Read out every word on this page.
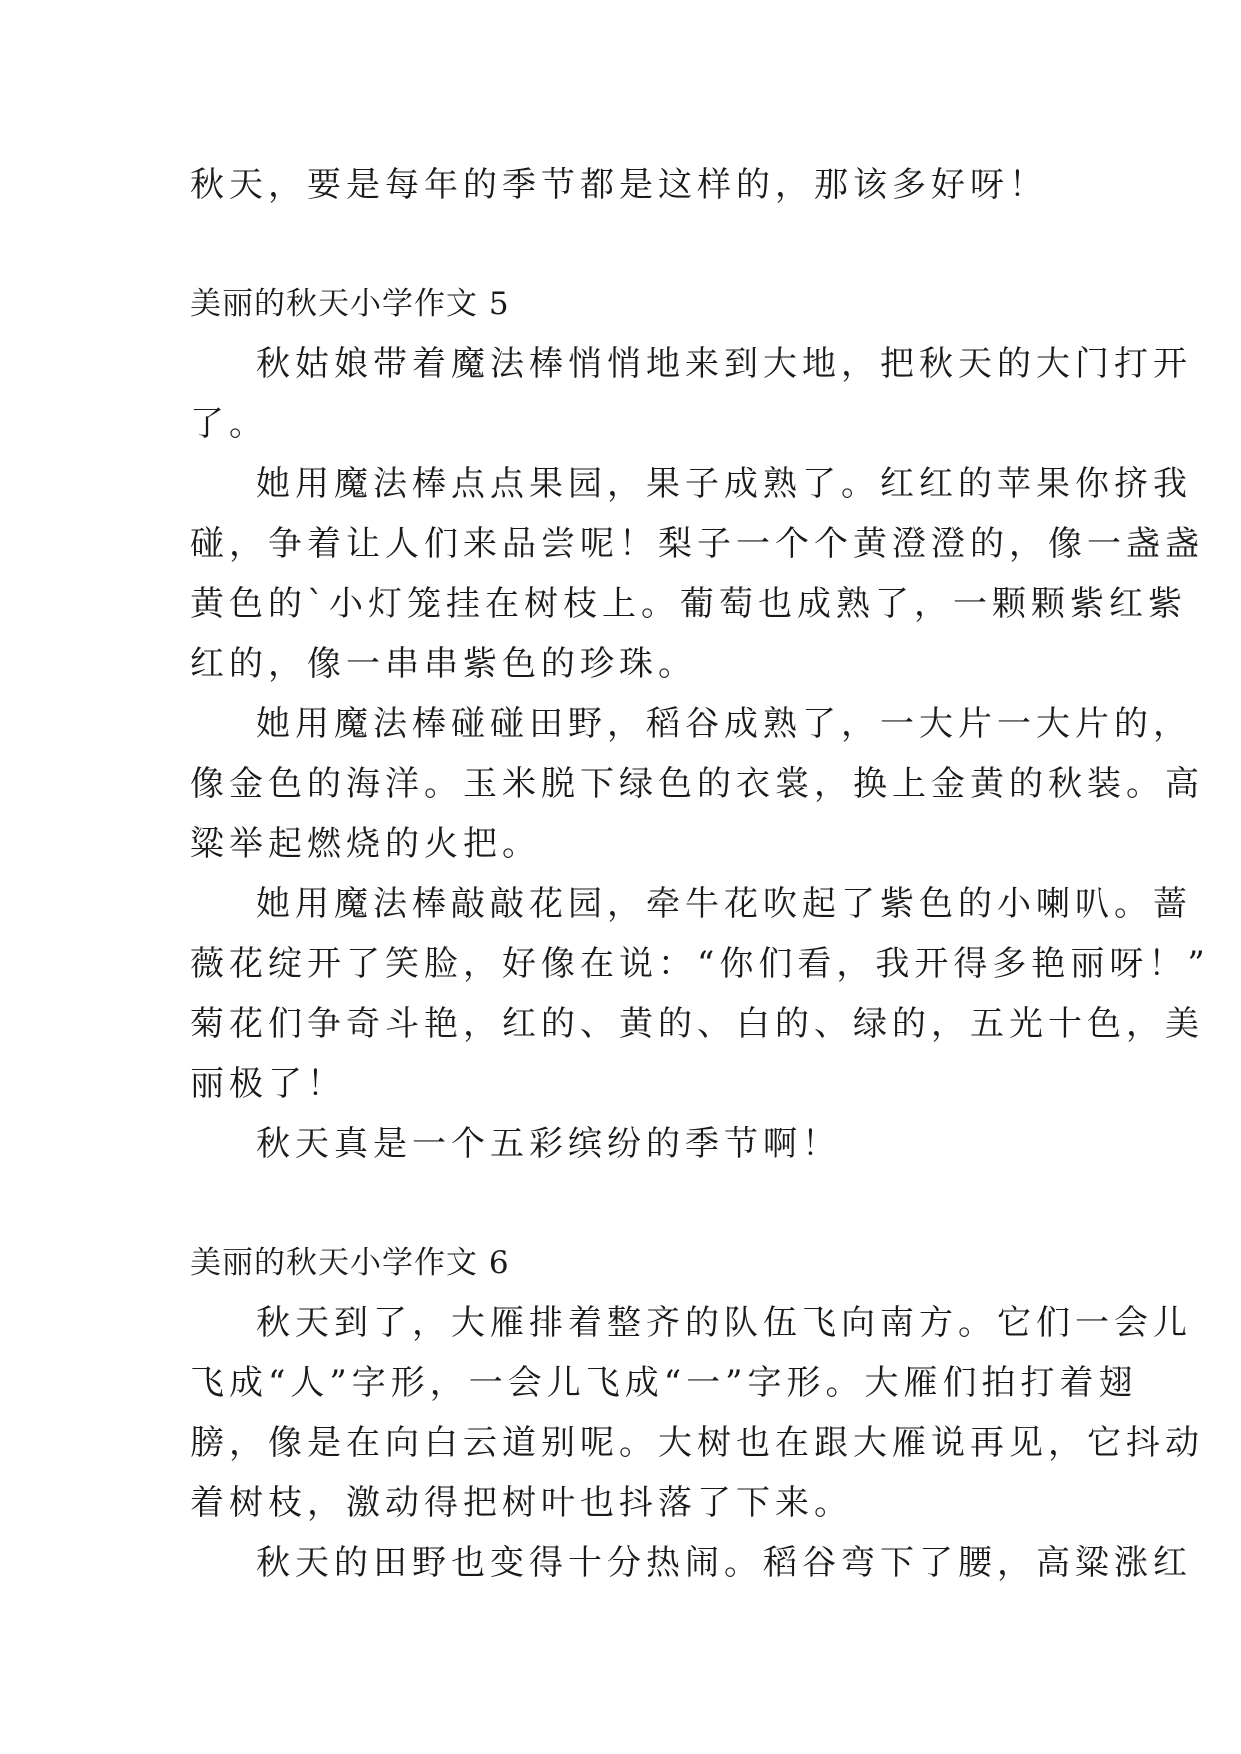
秋天，要是每年的季节都是这样的，那该多好呀！

美丽的秋天小学作文 5

秋姑娘带着魔法棒悄悄地来到大地，把秋天的大门打开

了。

她用魔法棒点点果园，果子成熟了。红红的苹果你挤我

碰，争着让人们来品尝呢！梨子一个个黄澄澄的，像一盏盏

黄色的`小灯笼挂在树枝上。葡萄也成熟了，一颗颗紫红紫

红的，像一串串紫色的珍珠。

她用魔法棒碰碰田野，稻谷成熟了，一大片一大片的，

像金色的海洋。玉米脱下绿色的衣裳，换上金黄的秋装。高

粱举起燃烧的火把。

她用魔法棒敲敲花园，牵牛花吹起了紫色的小喇叭。蔷

薇花绽开了笑脸，好像在说：“你们看，我开得多艳丽呀！”

菊花们争奇斗艳，红的、黄的、白的、绿的，五光十色，美

丽极了！

秋天真是一个五彩缤纷的季节啊！

美丽的秋天小学作文 6

秋天到了，大雁排着整齐的队伍飞向南方。它们一会儿

飞成“人”字形，一会儿飞成“一”字形。大雁们拍打着翅

膀，像是在向白云道别呢。大树也在跟大雁说再见，它抖动

着树枝，激动得把树叶也抖落了下来。

秋天的田野也变得十分热闹。稻谷弯下了腰，高粱涨红
